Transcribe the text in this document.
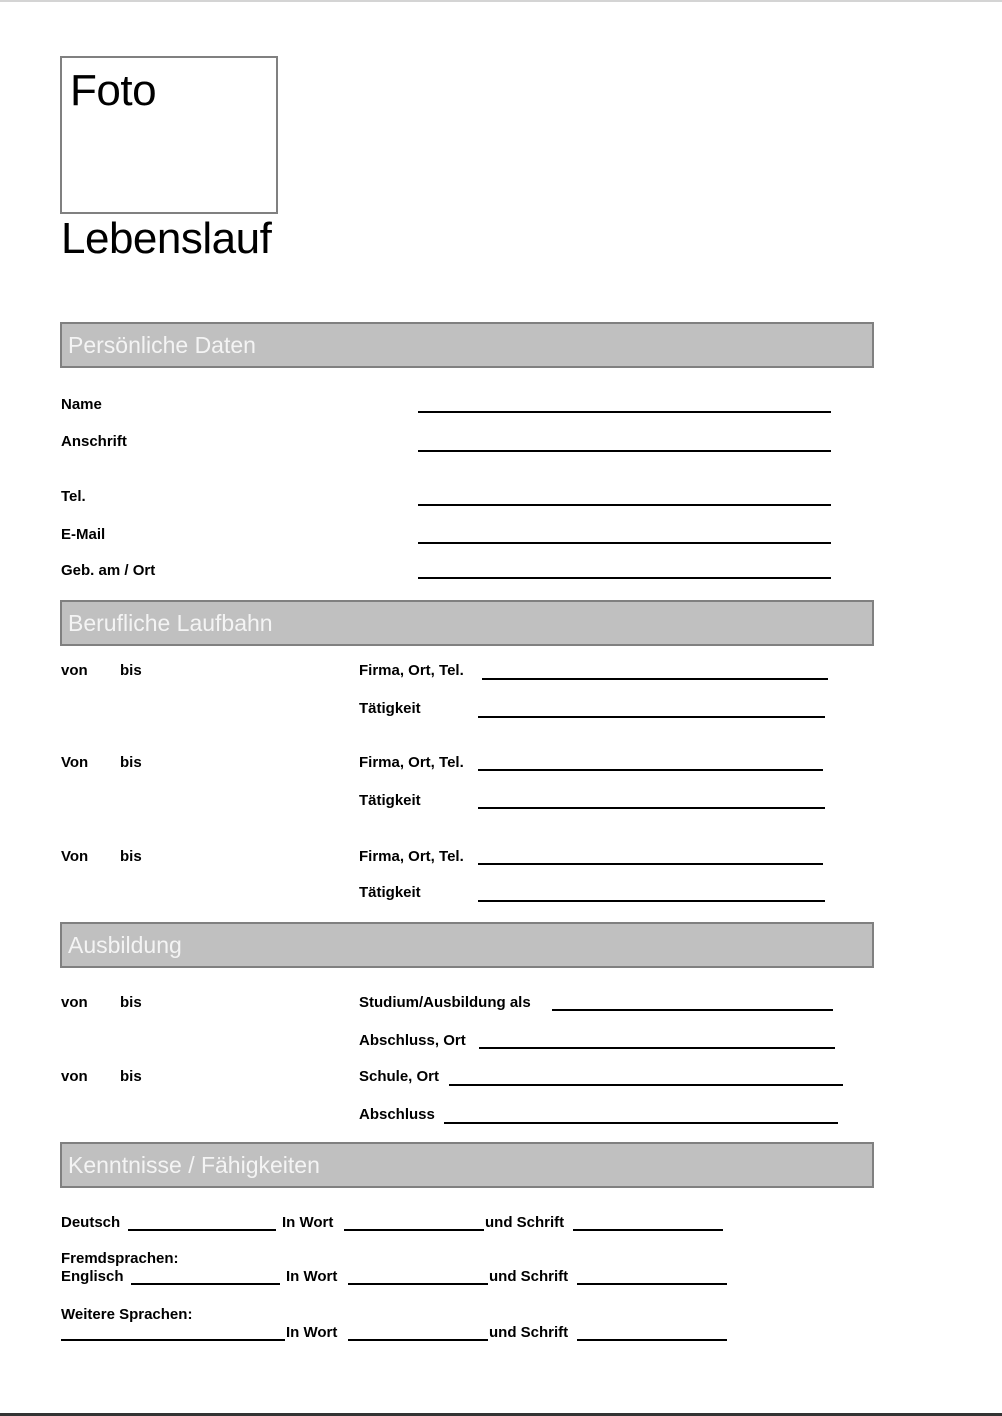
Foto
Lebenslauf
Persönliche Daten
Name
Anschrift
Tel.
E-Mail
Geb. am / Ort
Berufliche Laufbahn
von bis	Firma, Ort, Tel.
Tätigkeit
Von bis	Firma, Ort, Tel.
Tätigkeit
Von bis	Firma, Ort, Tel.
Tätigkeit
Ausbildung
von bis	Studium/Ausbildung als
Abschluss, Ort
von bis	Schule, Ort
Abschluss
Kenntnisse / Fähigkeiten
Deutsch	In Wort	und Schrift
Fremdsprachen:
Englisch	In Wort	und Schrift
Weitere Sprachen:
In Wort	und Schrift
